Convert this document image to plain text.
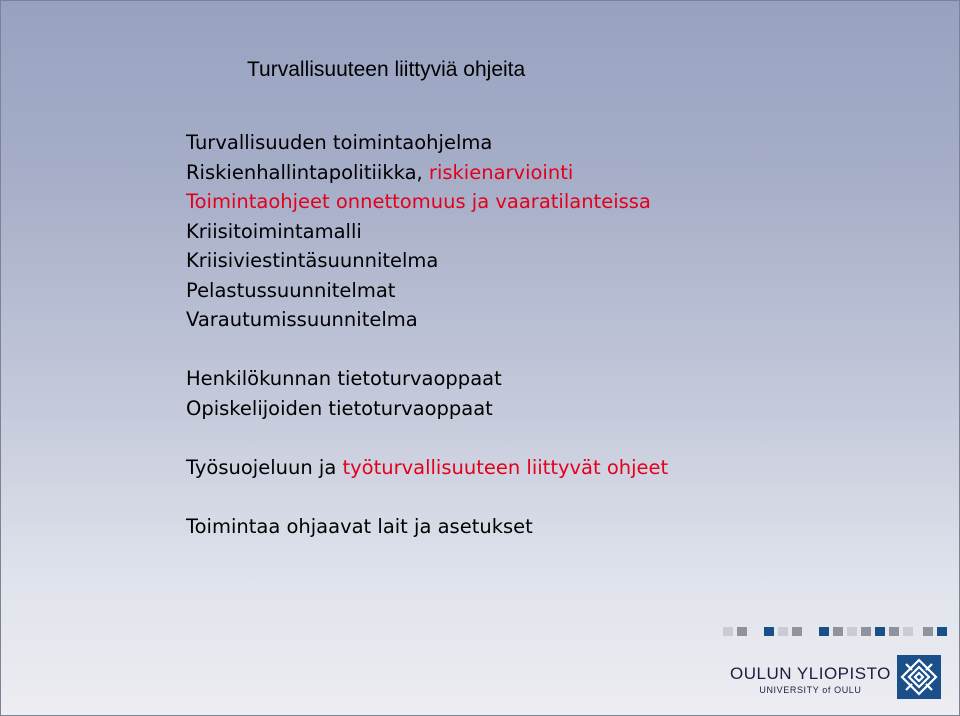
Turvallisuuteen liittyviä ohjeita
Turvallisuuden toimintaohjelma
Riskienhallintapolitiikka, riskienarviointi
Toimintaohjeet onnettomuus ja vaaratilanteissa
Kriisitoimintamalli
Kriisiviestintäsuunnitelma
Pelastussuunnitelmat
Varautumissuunnitelma
Henkilökunnan tietoturvaoppaat
Opiskelijoiden tietoturvaoppaat
Työsuojeluun ja työturvallisuuteen liittyvät ohjeet
Toimintaa ohjaavat lait ja asetukset
OULUN YLIOPISTO
UNIVERSITY of OULU
